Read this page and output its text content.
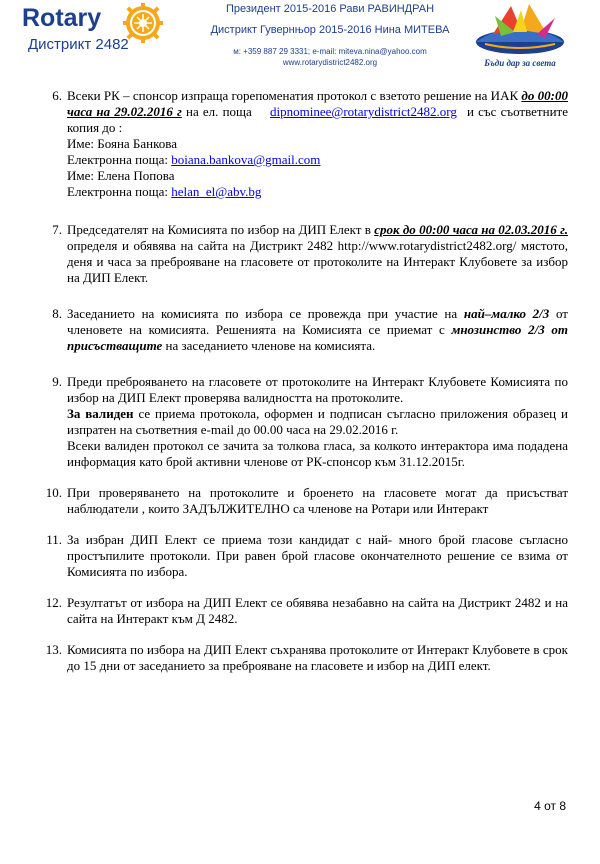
Rotary
Дистрикт 2482
Президент 2015-2016 Рави РАВИНДРАН
Дистрикт Гувернњор 2015-2016 Нина МИТЕВА
м: +359 887 29 3331; e-mail: miteva.nina@yahoo.com
www.rotarydistrict2482.org	Бъди дар за света
6. Всеки РК – спонсор изпраща горепоменатия протокол с взетото решение на ИАК до 00:00 часа на 29.02.2016 г на ел. поща dipnominee@rotarydistrict2482.org и със съответните копия до :

Име: Бояна Банкова

Електронна поща: boiana.bankova@gmail.com

Име: Елена Попова

Електронна поща: helan_el@abv.bg

7. Председателят на Комисията по избор на ДИП Елект в срок до 00:00 часа на 02.03.2016 г. определя и обявява на сайта на Дистрикт 2482 http://www.rotarydistrict2482.org/ мястото, деня и часа за преброяване на гласовете от протоколите на Интеракт Клубовете за избор на ДИП Елект.

8. Заседанието на комисията по избора се провежда при участие на най–малко 2/3 от членовете на комисията. Решенията на Комисията се приемат с мнозинство 2/3 от присъстващите на заседанието членове на комисията.

9. Преди преброяването на гласовете от протоколите на Интеракт Клубовете Комисията по избор на ДИП Елект проверява валидността на протоколите.

За валиден се приема протокола, оформен и подписан съгласно приложения образец и изпратен на съответния e-mail до 00.00 часа на 29.02.2016 г.

Всеки валиден протокол се зачита за толкова гласа, за колкото интеракторa има подадена информация като брой активни членове от РК-спонсор към 31.12.2015г.

10. При проверяването на протоколите и броенето на гласовете могат да присъстват наблюдатели , които ЗАДЪЛЖИТЕЛНО са членове на Ротари или Интеракт

11. За избран ДИП Елект се приема този кандидат с най- много брой гласове съгласно простъпилите протоколи. При равен брой гласове окончателното решение се взима от Комисията по избора.

12. Резултатът от избора на ДИП Елект се обявява незабавно на сайта на Дистрикт 2482 и на сайта на Интеракт към Д 2482.

13. Комисията по избора на ДИП Елект съхранява протоколите от Интеракт Клубовете в срок до 15 дни от заседанието за преброяване на гласовете и избор на ДИП елект.

4 от 8
